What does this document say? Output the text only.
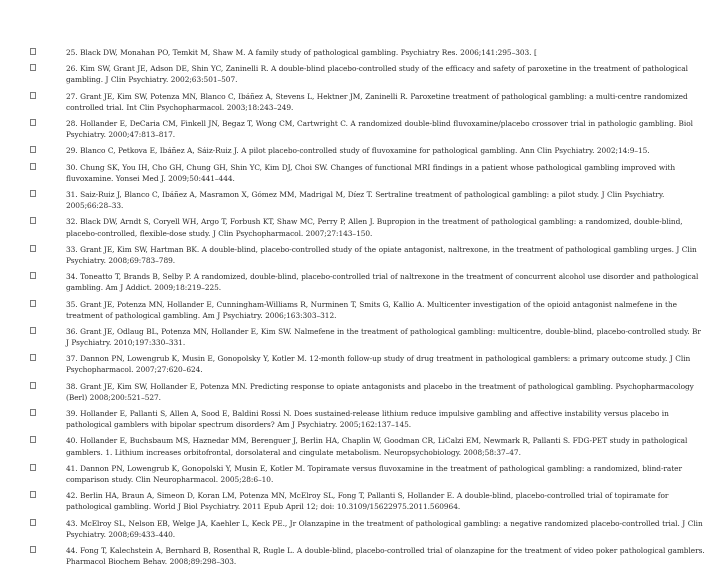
25. Black DW, Monahan PO, Temkit M, Shaw M. A family study of pathological gambling. Psychiatry Res. 2006;141:295–303. [
26. Kim SW, Grant JE, Adson DE, Shin YC, Zaninelli R. A double-blind placebo-controlled study of the efficacy and safety of paroxetine in the treatment of pathological gambling. J Clin Psychiatry. 2002;63:501–507.
27. Grant JE, Kim SW, Potenza MN, Blanco C, Ibáñez A, Stevens L, Hektner JM, Zaninelli R. Paroxetine treatment of pathological gambling: a multi-centre randomized controlled trial. Int Clin Psychopharmacol. 2003;18:243–249.
28. Hollander E, DeCaria CM, Finkell JN, Begaz T, Wong CM, Cartwright C. A randomized double-blind fluvoxamine/placebo crossover trial in pathologic gambling. Biol Psychiatry. 2000;47:813–817.
29. Blanco C, Petkova E, Ibáñez A, Sáiz-Ruiz J. A pilot placebo-controlled study of fluvoxamine for pathological gambling. Ann Clin Psychiatry. 2002;14:9–15.
30. Chung SK, You IH, Cho GH, Chung GH, Shin YC, Kim DJ, Choi SW. Changes of functional MRI findings in a patient whose pathological gambling improved with fluvoxamine. Yonsei Med J. 2009;50:441–444.
31. Saiz-Ruiz J, Blanco C, Ibáñez A, Masramon X, Gómez MM, Madrigal M, Díez T. Sertraline treatment of pathological gambling: a pilot study. J Clin Psychiatry. 2005;66:28–33.
32. Black DW, Arndt S, Coryell WH, Argo T, Forbush KT, Shaw MC, Perry P, Allen J. Bupropion in the treatment of pathological gambling: a randomized, double-blind, placebo-controlled, flexible-dose study. J Clin Psychopharmacol. 2007;27:143–150.
33. Grant JE, Kim SW, Hartman BK. A double-blind, placebo-controlled study of the opiate antagonist, naltrexone, in the treatment of pathological gambling urges. J Clin Psychiatry. 2008;69:783–789.
34. Toneatto T, Brands B, Selby P. A randomized, double-blind, placebo-controlled trial of naltrexone in the treatment of concurrent alcohol use disorder and pathological gambling. Am J Addict. 2009;18:219–225.
35. Grant JE, Potenza MN, Hollander E, Cunningham-Williams R, Nurminen T, Smits G, Kallio A. Multicenter investigation of the opioid antagonist nalmefene in the treatment of pathological gambling. Am J Psychiatry. 2006;163:303–312.
36. Grant JE, Odlaug BL, Potenza MN, Hollander E, Kim SW. Nalmefene in the treatment of pathological gambling: multicentre, double-blind, placebo-controlled study. Br J Psychiatry. 2010;197:330–331.
37. Dannon PN, Lowengrub K, Musin E, Gonopolsky Y, Kotler M. 12-month follow-up study of drug treatment in pathological gamblers: a primary outcome study. J Clin Psychopharmacol. 2007;27:620–624.
38. Grant JE, Kim SW, Hollander E, Potenza MN. Predicting response to opiate antagonists and placebo in the treatment of pathological gambling. Psychopharmacology (Berl) 2008;200:521–527.
39. Hollander E, Pallanti S, Allen A, Sood E, Baldini Rossi N. Does sustained-release lithium reduce impulsive gambling and affective instability versus placebo in pathological gamblers with bipolar spectrum disorders? Am J Psychiatry. 2005;162:137–145.
40. Hollander E, Buchsbaum MS, Haznedar MM, Berenguer J, Berlin HA, Chaplin W, Goodman CR, LiCalzi EM, Newmark R, Pallanti S. FDG-PET study in pathological gamblers. 1. Lithium increases orbitofrontal, dorsolateral and cingulate metabolism. Neuropsychobiology. 2008;58:37–47.
41. Dannon PN, Lowengrub K, Gonopolski Y, Musin E, Kotler M. Topiramate versus fluvoxamine in the treatment of pathological gambling: a randomized, blind-rater comparison study. Clin Neuropharmacol. 2005;28:6–10.
42. Berlin HA, Braun A, Simeon D, Koran LM, Potenza MN, McElroy SL, Fong T, Pallanti S, Hollander E. A double-blind, placebo-controlled trial of topiramate for pathological gambling. World J Biol Psychiatry. 2011 Epub April 12; doi: 10.3109/15622975.2011.560964.
43. McElroy SL, Nelson EB, Welge JA, Kaehler L, Keck PE., Jr Olanzapine in the treatment of pathological gambling: a negative randomized placebo-controlled trial. J Clin Psychiatry. 2008;69:433–440.
44. Fong T, Kalechstein A, Bernhard B, Rosenthal R, Rugle L. A double-blind, placebo-controlled trial of olanzapine for the treatment of video poker pathological gamblers. Pharmacol Biochem Behav. 2008;89:298–303.
